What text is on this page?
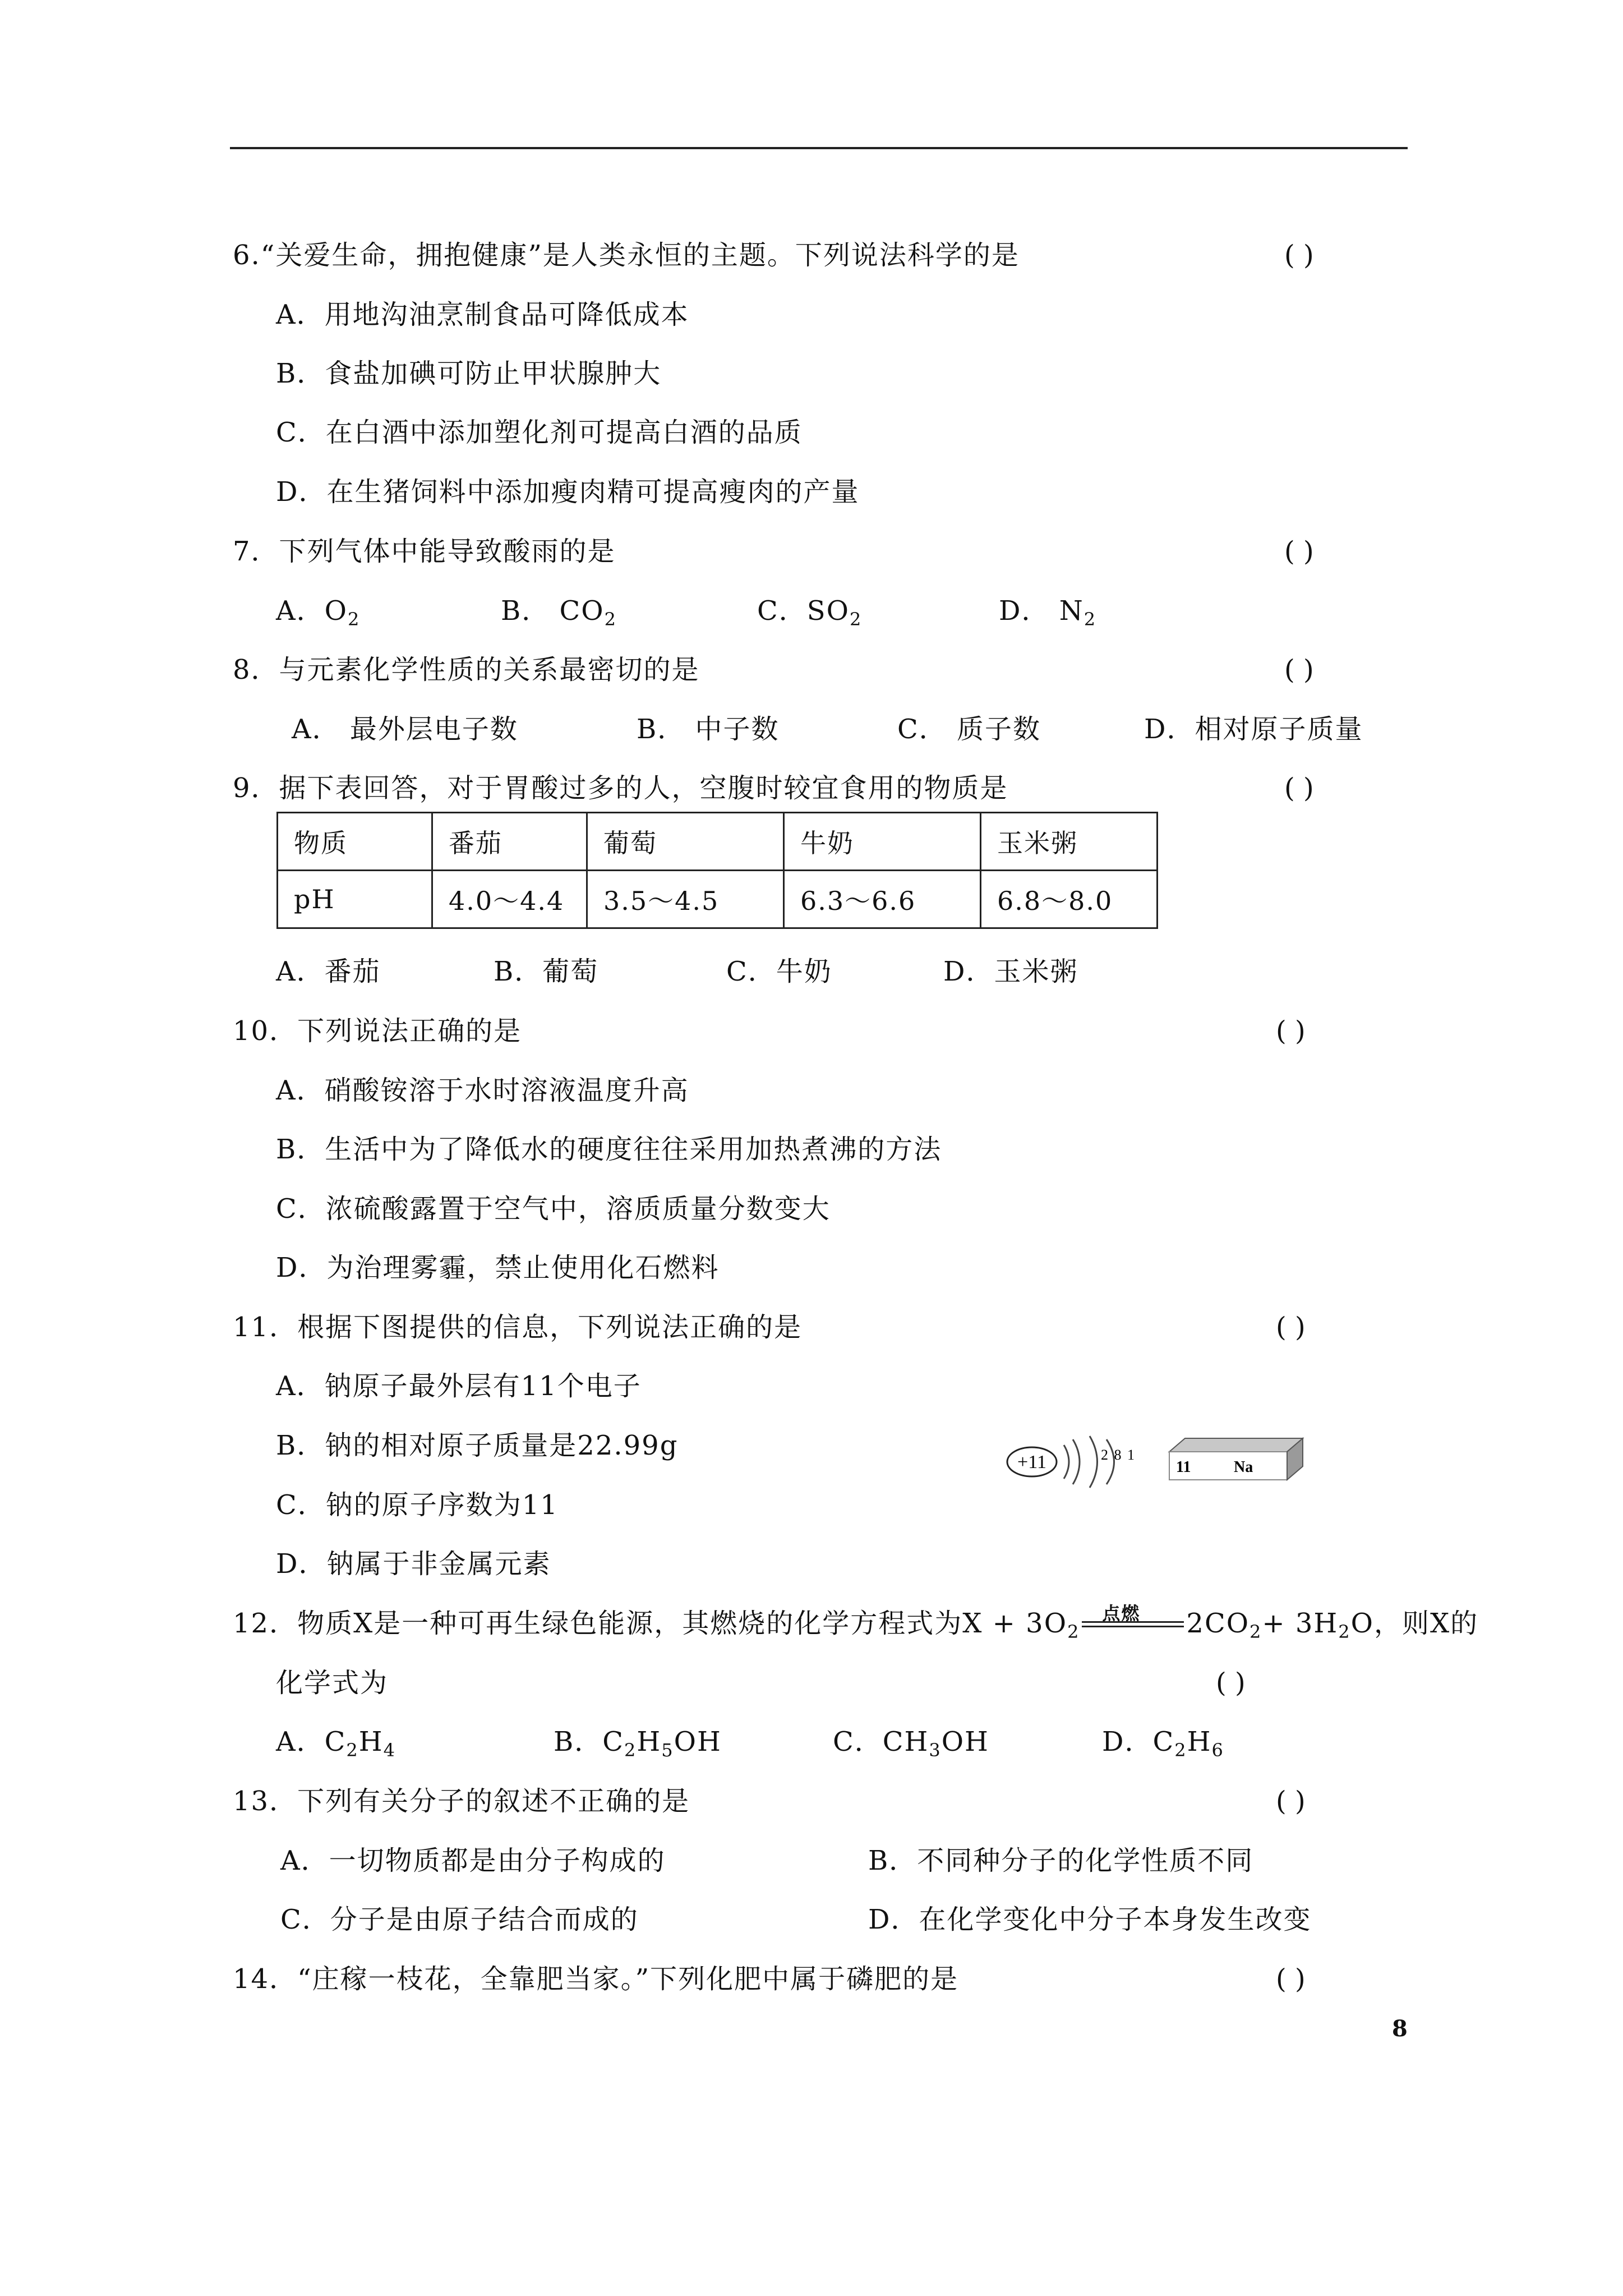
6.“关爱生命，拥抱健康”是人类永恒的主题。下列说法科学的是	( )
A．用地沟油烹制食品可降低成本
B．食盐加碘可防止甲状腺肿大
C．在白酒中添加塑化剂可提高白酒的品质
D．在生猪饲料中添加瘦肉精可提高瘦肉的产量
7．下列气体中能导致酸雨的是	( )
A．$O_2$	B． $CO_2$	C．$SO_2$	D． $N_2$
8．与元素化学性质的关系最密切的是	( )
A． 最外层电子数	B． 中子数	C． 质子数	D．相对原子质量
9．据下表回答，对于胃酸过多的人，空腹时较宜食用的物质是	( )
物质	番茄	葡萄	牛奶	玉米粥
pH	4.0～4.4	3.5～4.5	6.3～6.6	6.8～8.0
A．番茄	B．葡萄	C．牛奶	D．玉米粥
10．下列说法正确的是	( )
A．硝酸铵溶于水时溶液温度升高
B．生活中为了降低水的硬度往往采用加热煮沸的方法
C．浓硫酸露置于空气中，溶质质量分数变大
D．为治理雾霾，禁止使用化石燃料
11．根据下图提供的信息，下列说法正确的是	( )
A．钠原子最外层有11个电子
B．钠的相对原子质量是22.99g
C．钠的原子序数为11
D．钠属于非金属元素
+11	2 8 1
11	Na
12．物质X是一种可再生绿色能源，其燃烧的化学方程式为$X + 3O_2$
点燃 $2CO_2+ 3H_2O$，则X的
化学式为	( )
A．$C_2H_4$	B．$C_2H_5OH$	C．$CH_3OH$	D．$C_2H_6$
13．下列有关分子的叙述不正确的是	( )
A．一切物质都是由分子构成的	B．不同种分子的化学性质不同
C．分子是由原子结合而成的	D．在化学变化中分子本身发生改变
14．“庄稼一枝花，全靠肥当家。”下列化肥中属于磷肥的是	( )
8
